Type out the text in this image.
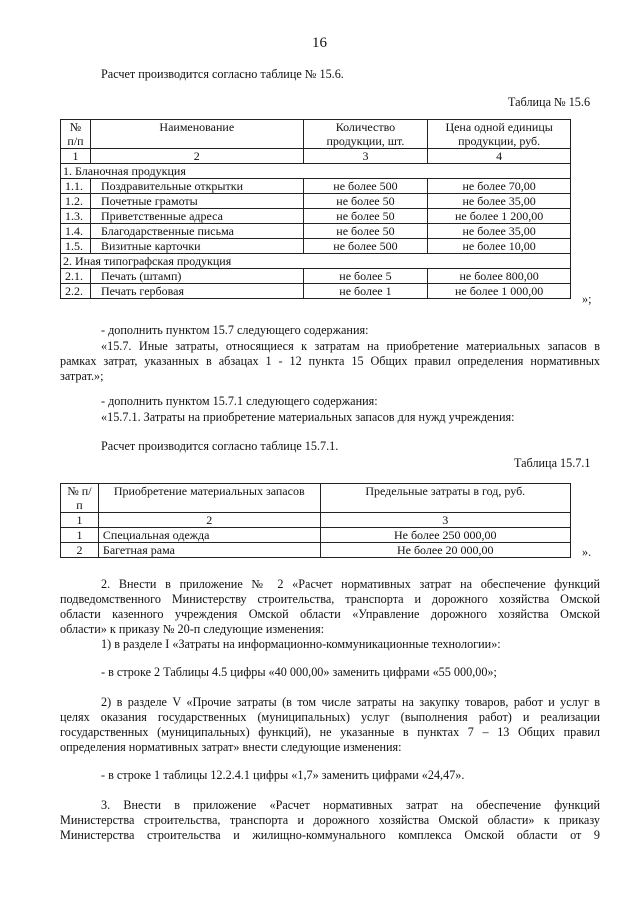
16
Расчет производится согласно таблице № 15.6.
Таблица № 15.6
№ п/п	Наименование	Количество продукции, шт.	Цена одной единицы продукции, руб.
1	2	3	4
1. Бланочная продукция			
1.1.	Поздравительные открытки	не более 500	не более 70,00
1.2.	Почетные грамоты	не более 50	не более 35,00
1.3.	Приветственные адреса	не более 50	не более 1 200,00
1.4.	Благодарственные письма	не более 50	не более 35,00
1.5.	Визитные карточки	не более 500	не более 10,00
2. Иная типографская продукция			
2.1.	Печать (штамп)	не более 5	не более 800,00
2.2.	Печать гербовая	не более 1	не более 1 000,00
»;
- дополнить пунктом 15.7 следующего содержания:
«15.7. Иные затраты, относящиеся к затратам на приобретение материальных запасов в
рамках затрат, указанных в абзацах 1 - 12 пункта 15 Общих правил определения нормативных
затрат.»;
- дополнить пунктом 15.7.1 следующего содержания:
«15.7.1. Затраты на приобретение материальных запасов для нужд учреждения:
Расчет производится согласно таблице 15.7.1.
Таблица 15.7.1
№ п/п	Приобретение материальных запасов	Предельные затраты в год, руб.
1	2	3
1	Специальная одежда	Не более 250 000,00
2	Багетная рама	Не более 20 000,00	».
2. Внести в приложение № 2 «Расчет нормативных затрат на обеспечение функций
подведомственного Министерству строительства, транспорта и дорожного хозяйства Омской
области казенного учреждения Омской области «Управление дорожного хозяйства Омской
области» к приказу № 20-п следующие изменения:
1) в разделе I «Затраты на информационно-коммуникационные технологии»:
- в строке 2 Таблицы 4.5 цифры «40 000,00» заменить цифрами «55 000,00»;
2) в разделе V «Прочие затраты (в том числе затраты на закупку товаров, работ и услуг в
целях оказания государственных (муниципальных) услуг (выполнения работ) и реализации
государственных (муниципальных) функций), не указанные в пунктах 7 – 13 Общих правил
определения нормативных затрат» внести следующие изменения:
- в строке 1 таблицы 12.2.4.1 цифры «1,7» заменить цифрами «24,47».
3. Внести в приложение «Расчет нормативных затрат на обеспечение функций
Министерства строительства, транспорта и дорожного хозяйства Омской области» к приказу
Министерства строительства и жилищно-коммунального комплекса Омской области от 9
